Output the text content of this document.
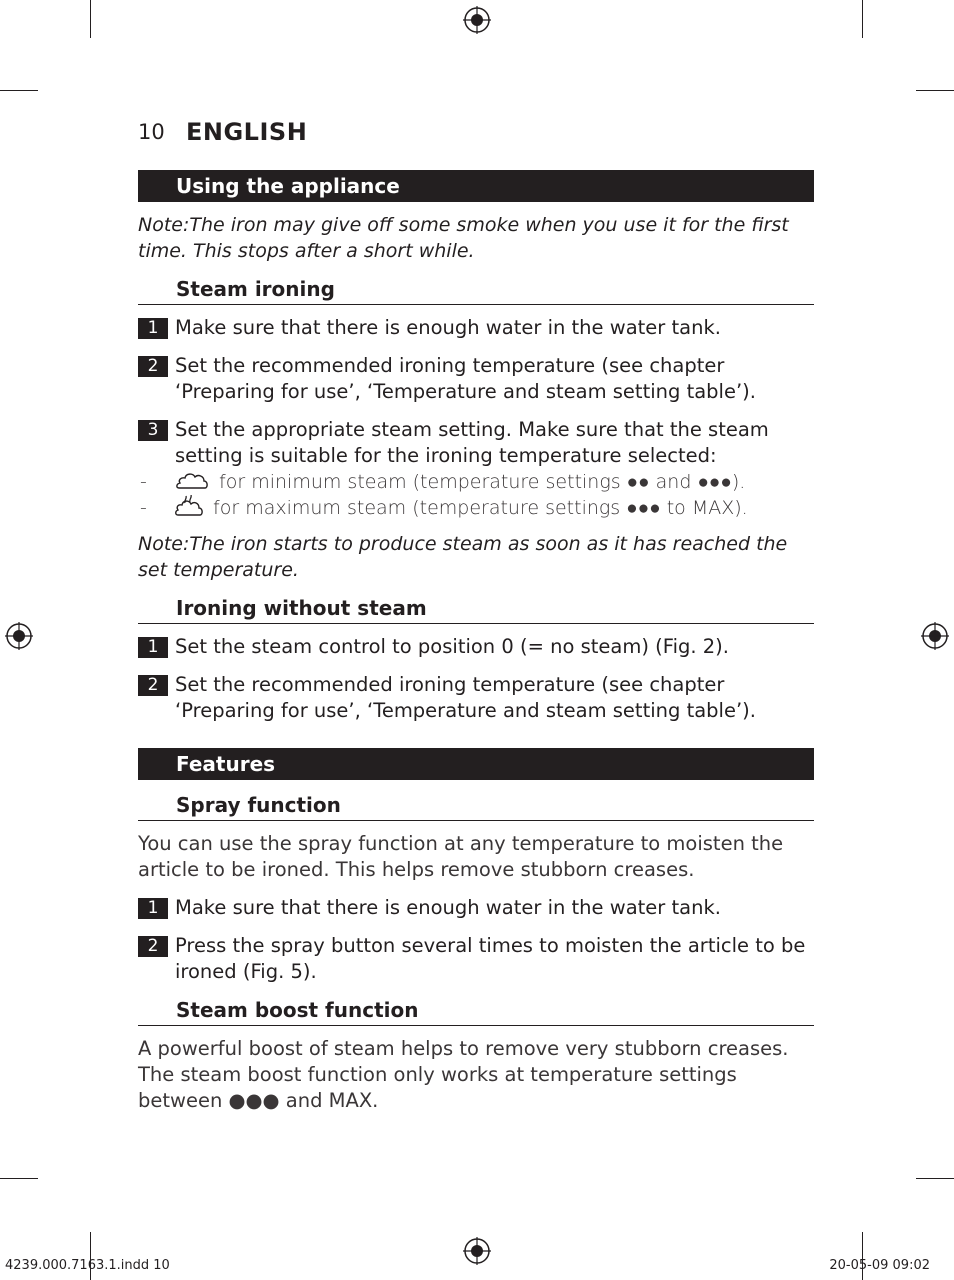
10 ENGLISH
Using the appliance
Note:The iron may give off some smoke when you use it for the first time. This stops after a short while.
Steam ironing
1 Make sure that there is enough water in the water tank.
2 Set the recommended ironing temperature (see chapter ‘Preparing for use’, ‘Temperature and steam setting table’).
3 Set the appropriate steam setting. Make sure that the steam setting is suitable for the ironing temperature selected:
-	for minimum steam (temperature settings ●● and ●●●).
-	for maximum steam (temperature settings ●●● to MAX).
Note:The iron starts to produce steam as soon as it has reached the set temperature.
Ironing without steam
1 Set the steam control to position 0 (= no steam) (Fig. 2).
2 Set the recommended ironing temperature (see chapter ‘Preparing for use’, ‘Temperature and steam setting table’).
Features
Spray function
You can use the spray function at any temperature to moisten the article to be ironed. This helps remove stubborn creases.
1 Make sure that there is enough water in the water tank.
2 Press the spray button several times to moisten the article to be ironed (Fig. 5).
Steam boost function
A powerful boost of steam helps to remove very stubborn creases. The steam boost function only works at temperature settings between ●●● and MAX.
4239.000.7163.1.indd 10	20-05-09 09:02
